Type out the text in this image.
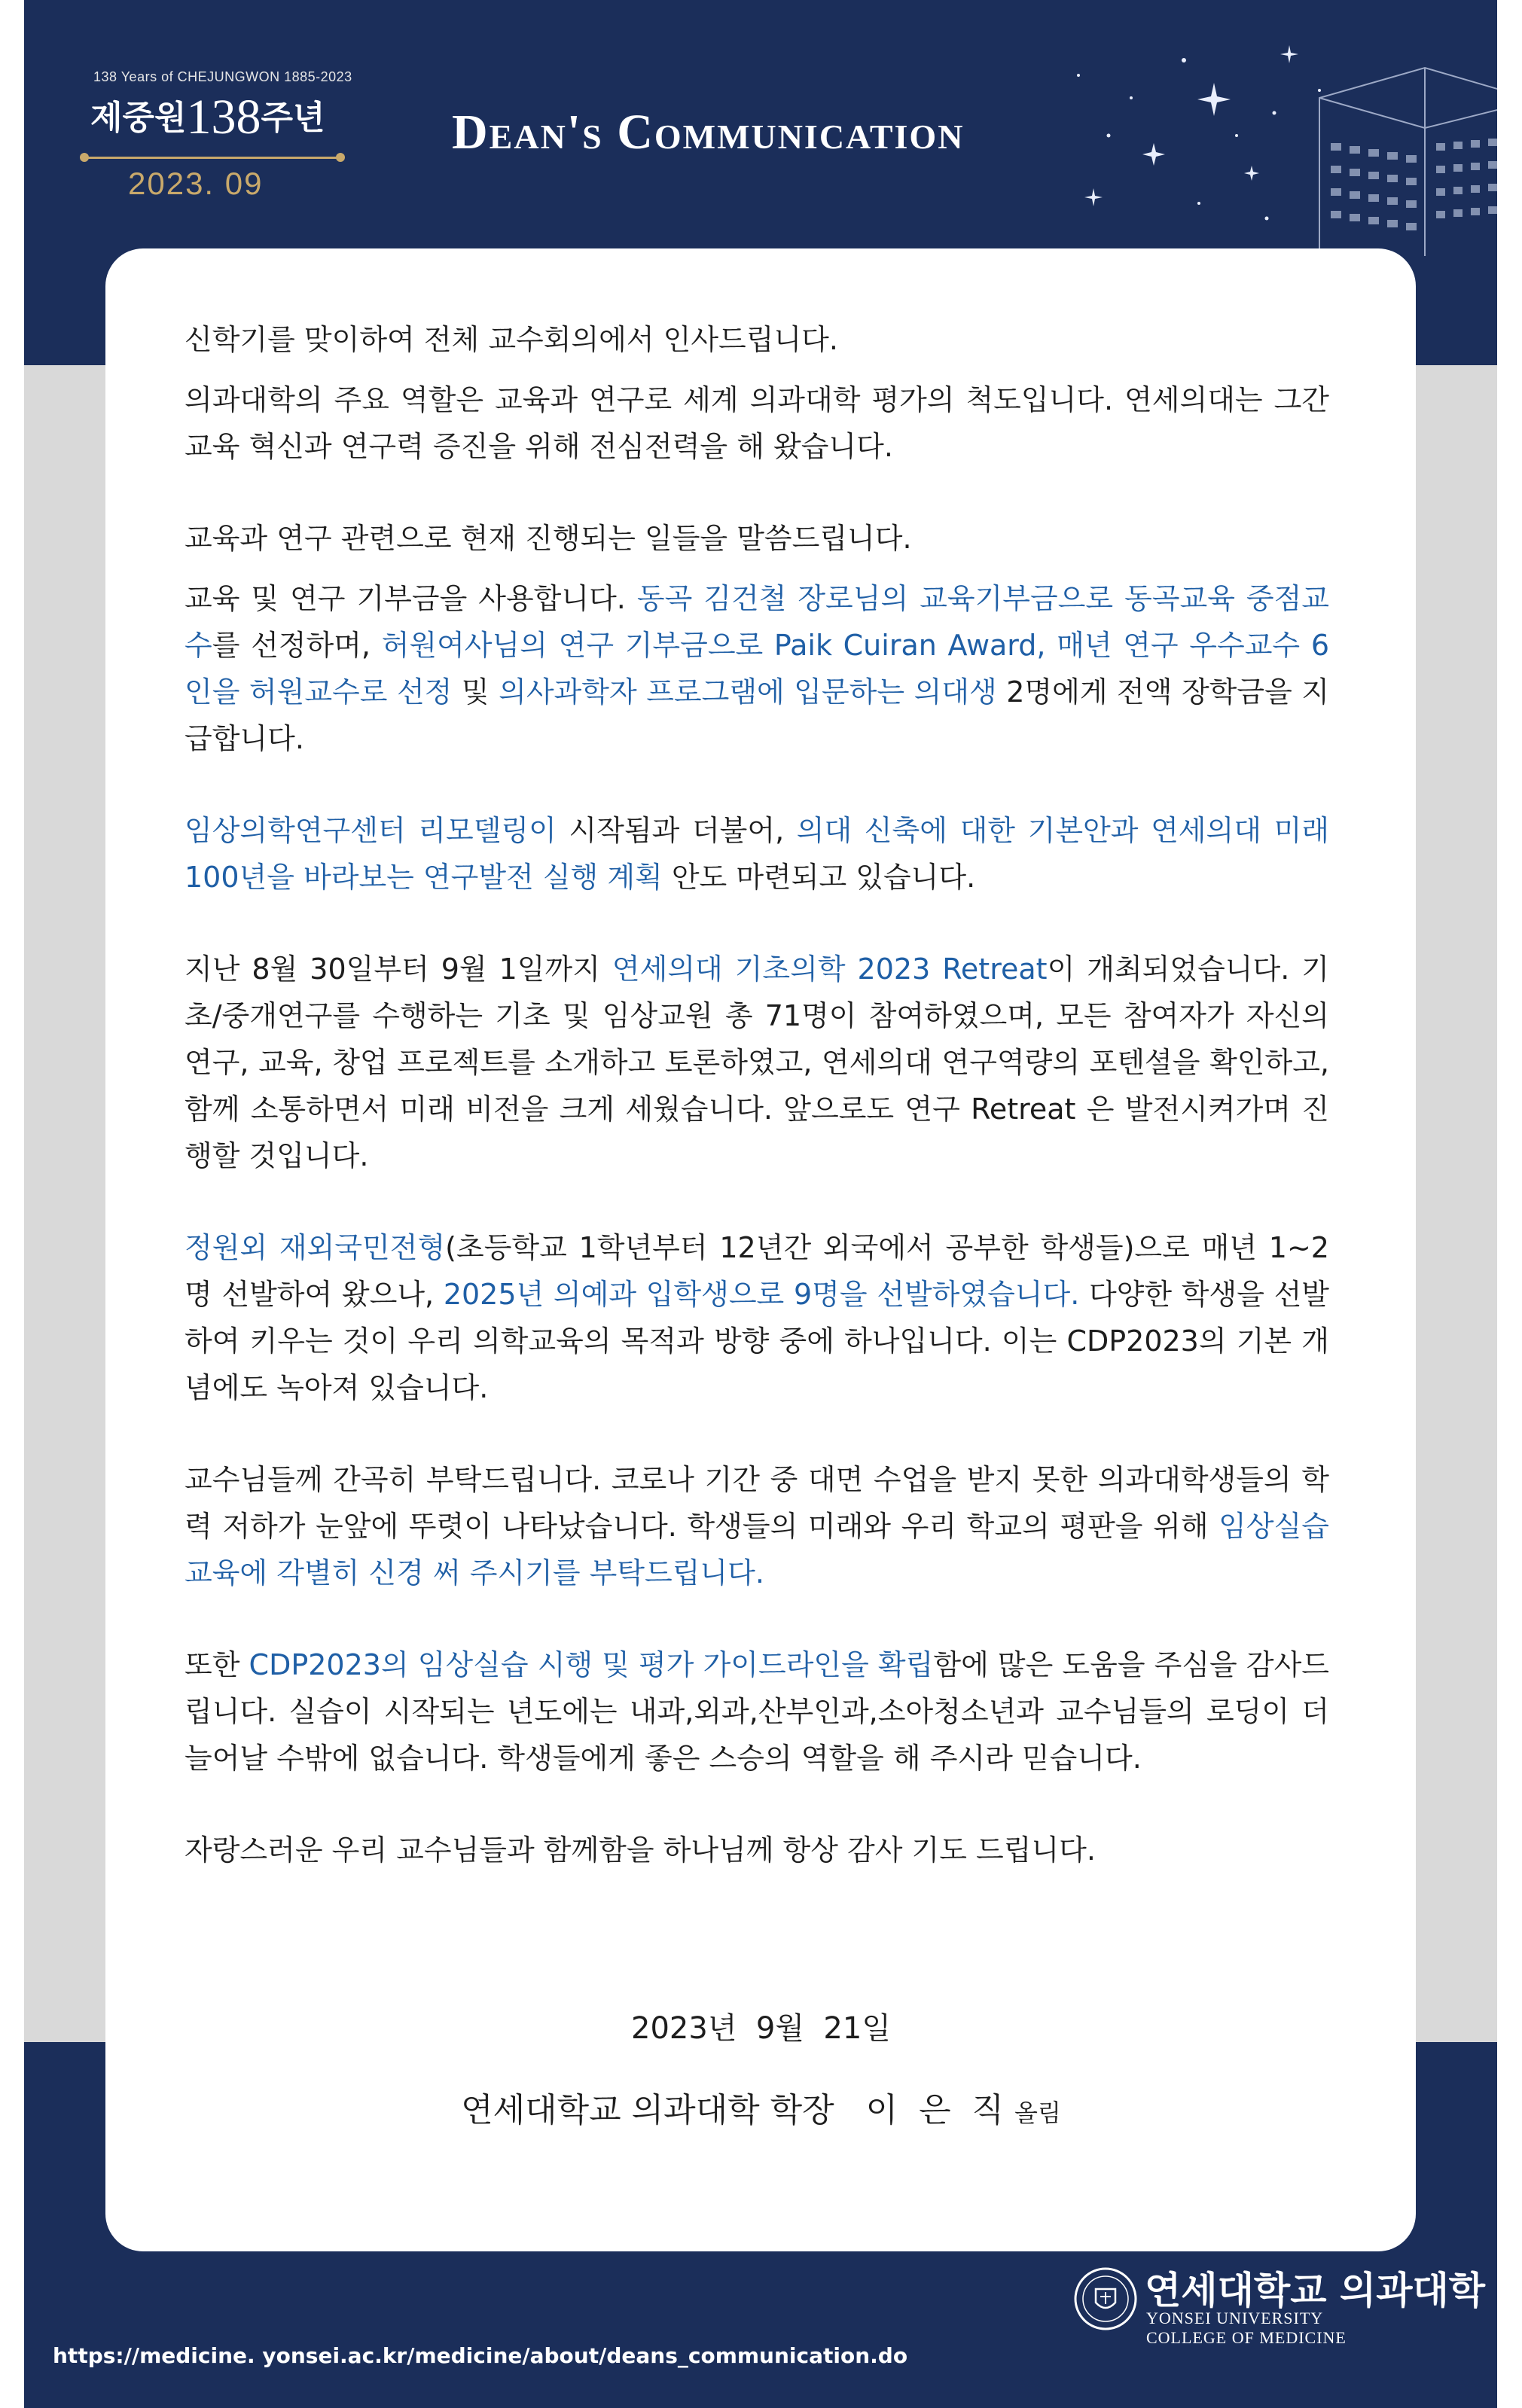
138 Years of CHEJUNGWON 1885-2023
제중원138주년
2023. 09
Dean's Communication

신학기를 맞이하여 전체 교수회의에서 인사드립니다.

의과대학의 주요 역할은 교육과 연구로 세계 의과대학 평가의 척도입니다. 연세의대는 그간 교육 혁신과 연구력 증진을 위해 전심전력을 해 왔습니다.

교육과 연구 관련으로 현재 진행되는 일들을 말씀드립니다.

교육 및 연구 기부금을 사용합니다. 동곡 김건철 장로님의 교육기부금으로 동곡교육 중점교수를 선정하며, 허원여사님의 연구 기부금으로 Paik Cuiran Award, 매년 연구 우수교수 6인을 허원교수로 선정 및 의사과학자 프로그램에 입문하는 의대생 2명에게 전액 장학금을 지급합니다.

임상의학연구센터 리모델링이 시작됨과 더불어, 의대 신축에 대한 기본안과 연세의대 미래 100년을 바라보는 연구발전 실행 계획 안도 마련되고 있습니다.

지난 8월 30일부터 9월 1일까지 연세의대 기초의학 2023 Retreat이 개최되었습니다. 기초/중개연구를 수행하는 기초 및 임상교원 총 71명이 참여하였으며, 모든 참여자가 자신의 연구, 교육, 창업 프로젝트를 소개하고 토론하였고, 연세의대 연구역량의 포텐셜을 확인하고, 함께 소통하면서 미래 비전을 크게 세웠습니다. 앞으로도 연구 Retreat 은 발전시켜가며 진행할 것입니다.

정원외 재외국민전형(초등학교 1학년부터 12년간 외국에서 공부한 학생들)으로 매년 1~2명 선발하여 왔으나, 2025년 의예과 입학생으로 9명을 선발하였습니다. 다양한 학생을 선발하여 키우는 것이 우리 의학교육의 목적과 방향 중에 하나입니다. 이는 CDP2023의 기본 개념에도 녹아져 있습니다.

교수님들께 간곡히 부탁드립니다. 코로나 기간 중 대면 수업을 받지 못한 의과대학생들의 학력 저하가 눈앞에 뚜렷이 나타났습니다. 학생들의 미래와 우리 학교의 평판을 위해 임상실습 교육에 각별히 신경 써 주시기를 부탁드립니다.

또한 CDP2023의 임상실습 시행 및 평가 가이드라인을 확립함에 많은 도움을 주심을 감사드립니다. 실습이 시작되는 년도에는 내과,외과,산부인과,소아청소년과 교수님들의 로딩이 더 늘어날 수밖에 없습니다. 학생들에게 좋은 스승의 역할을 해 주시라 믿습니다.

자랑스러운 우리 교수님들과 함께함을 하나님께 항상 감사 기도 드립니다.

2023년  9월  21일
연세대학교 의과대학 학장   이  은  직 올림
연세대학교 의과대학
YONSEI UNIVERSITY
COLLEGE OF MEDICINE
https://medicine. yonsei.ac.kr/medicine/about/deans_communication.do
